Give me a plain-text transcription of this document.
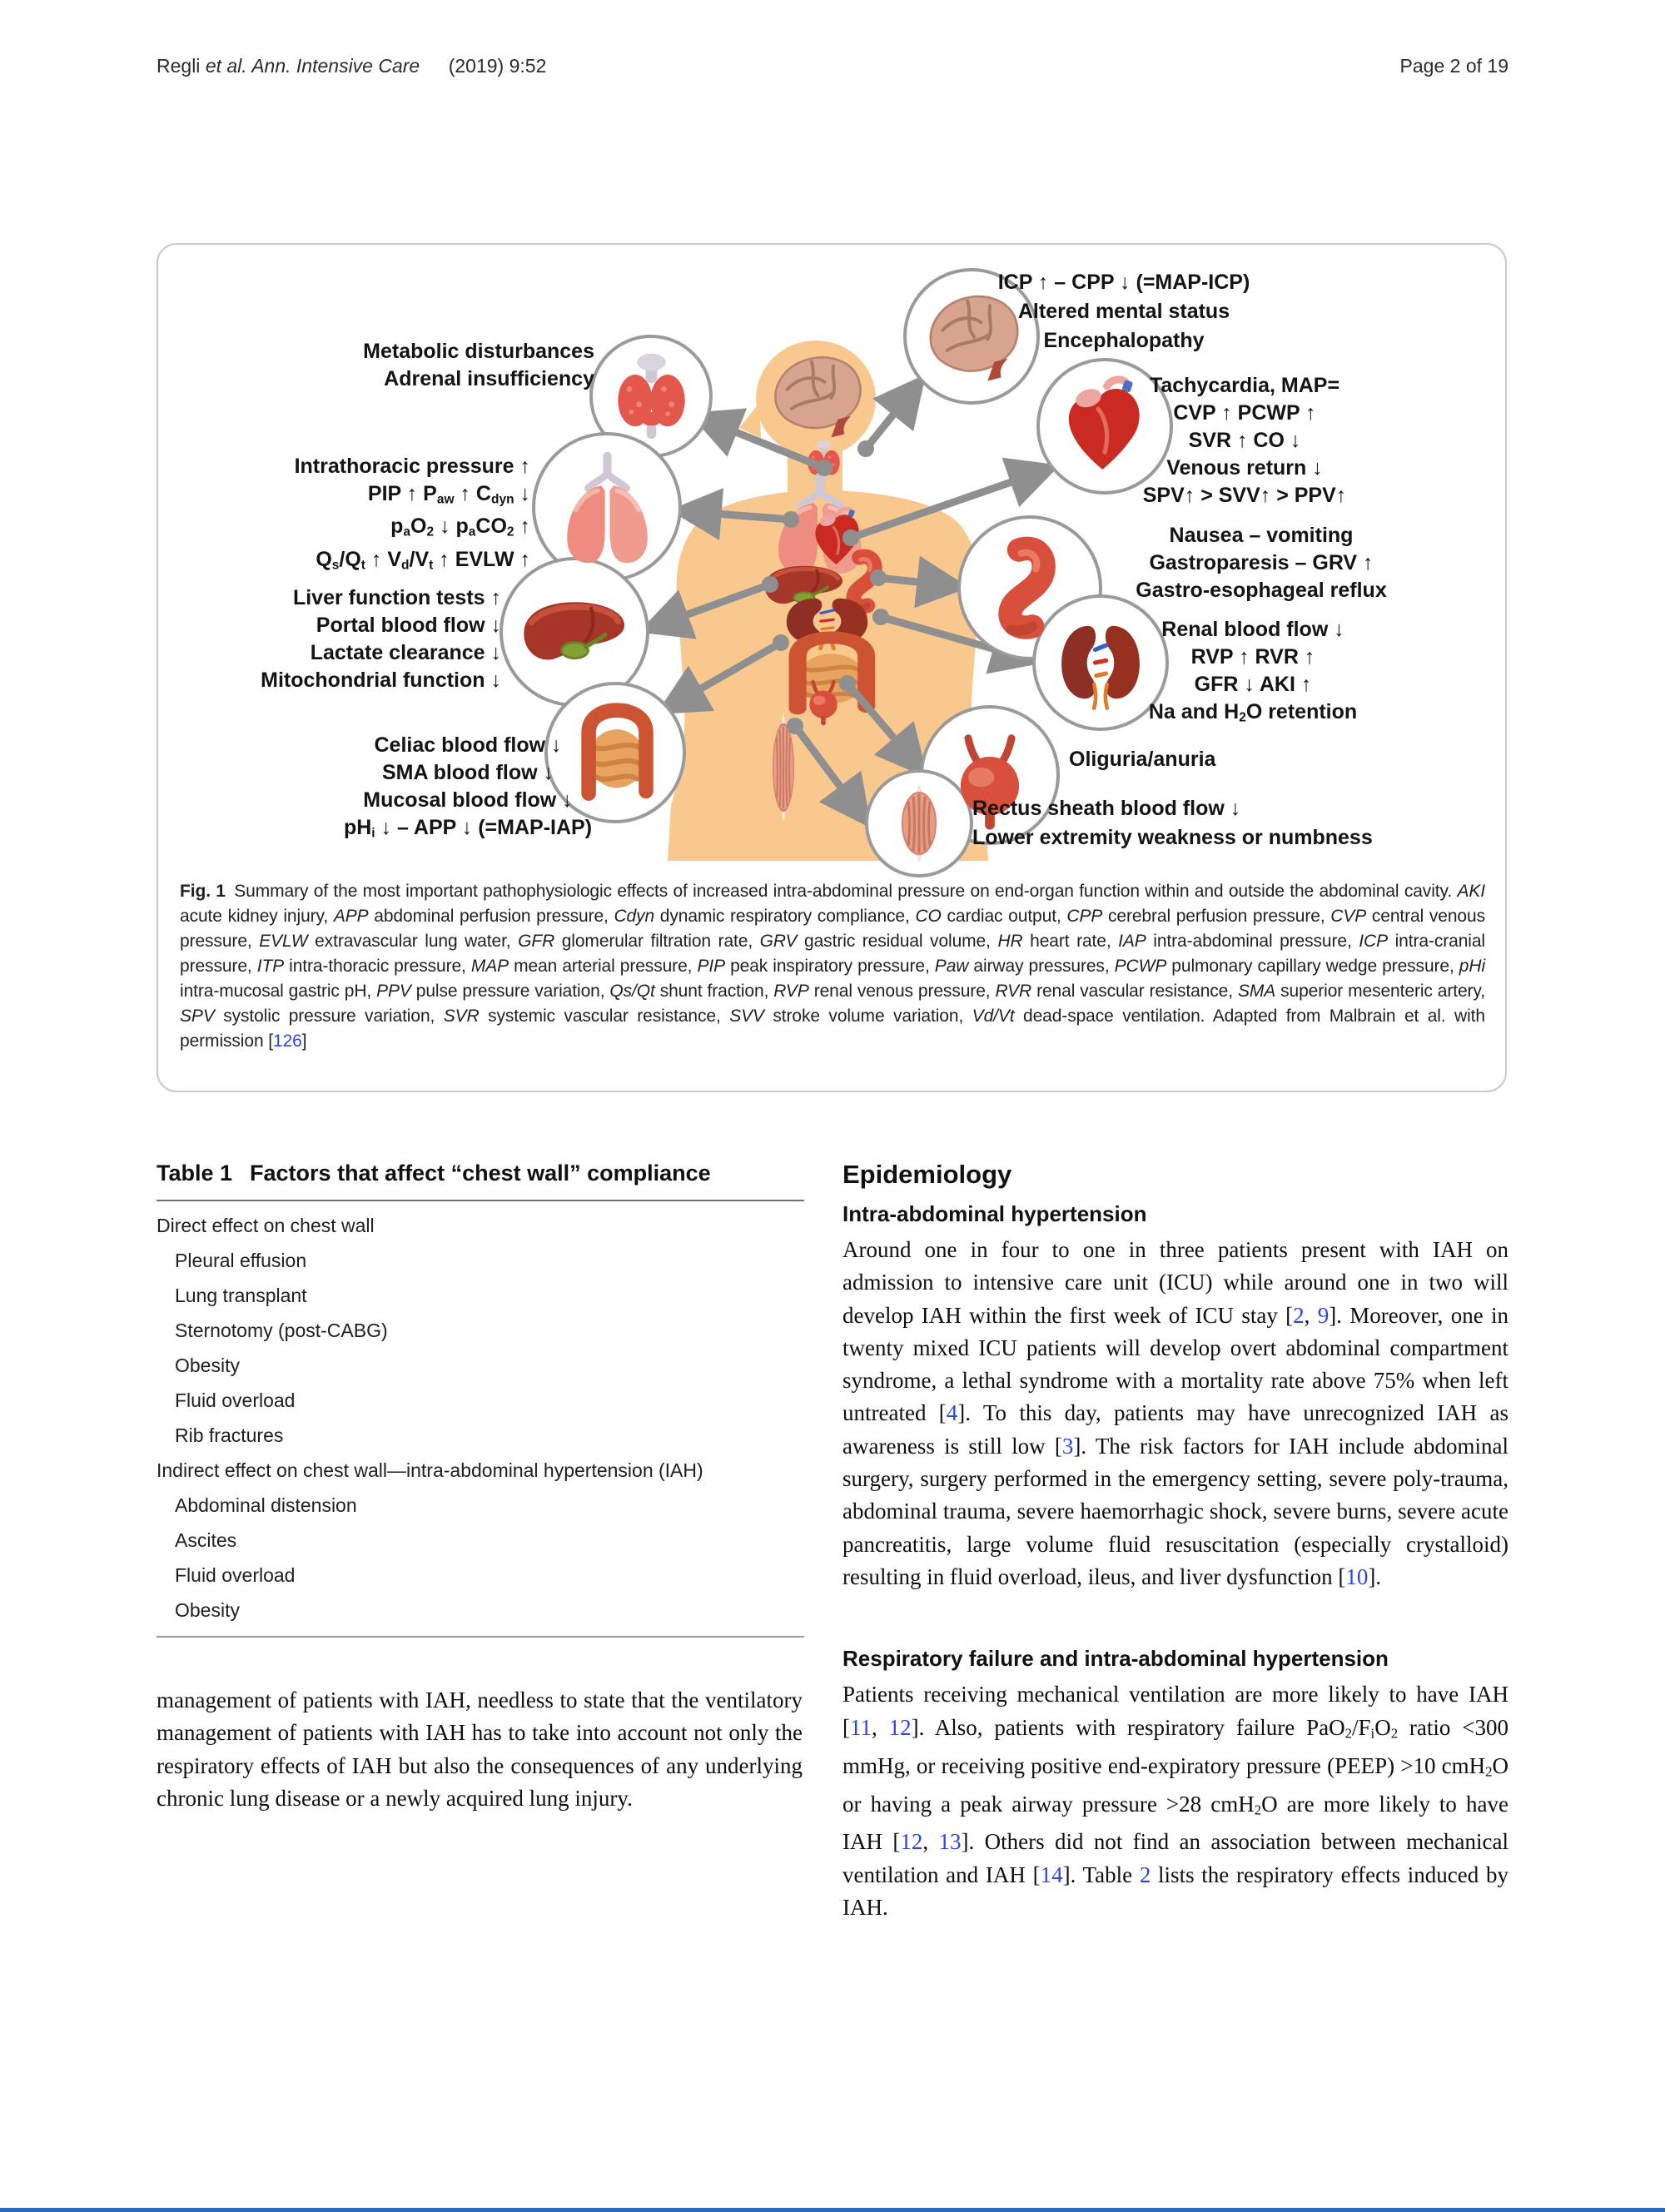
Regli et al. Ann. Intensive Care  (2019) 9:52	Page 2 of 19
ICP ↑ – CPP ↓ (=MAP-ICP)
Altered mental status
Encephalopathy
Metabolic disturbances
Adrenal insufficiency	Tachycardia, MAP=
CVP ↑ PCWP ↑
SVR ↑ CO ↓
Venous return ↓
SPV↑ > SVV↑ > PPV↑
Intrathoracic pressure ↑
PIP ↑ Paw ↑ Cdyn ↓
paO2 ↓ paCO2 ↑
Qs/Qt ↑ Vd/Vt ↑ EVLW ↑
Nausea – vomiting
Gastroparesis – GRV ↑
Gastro-esophageal reflux
Liver function tests ↑
Portal blood flow ↓
Lactate clearance ↓
Mitochondrial function ↓
Renal blood flow ↓
RVP ↑ RVR ↑
GFR ↓ AKI ↑
Na and H2O retention
Celiac blood flow ↓
SMA blood flow ↓
Mucosal blood flow ↓
pHi ↓ – APP ↓ (=MAP-IAP)
Oliguria/anuria
Rectus sheath blood flow ↓
Lower extremity weakness or numbness
Fig. 1 Summary of the most important pathophysiologic effects of increased intra-abdominal pressure on end-organ function within and outside the abdominal cavity. AKI acute kidney injury, APP abdominal perfusion pressure, Cdyn dynamic respiratory compliance, CO cardiac output, CPP cerebral perfusion pressure, CVP central venous pressure, EVLW extravascular lung water, GFR glomerular filtration rate, GRV gastric residual volume, HR heart rate, IAP intra-abdominal pressure, ICP intra-cranial pressure, ITP intra-thoracic pressure, MAP mean arterial pressure, PIP peak inspiratory pressure, Paw airway pressures, PCWP pulmonary capillary wedge pressure, pHi intra-mucosal gastric pH, PPV pulse pressure variation, Qs/Qt shunt fraction, RVP renal venous pressure, RVR renal vascular resistance, SMA superior mesenteric artery, SPV systolic pressure variation, SVR systemic vascular resistance, SVV stroke volume variation, Vd/Vt dead-space ventilation. Adapted from Malbrain et al. with permission [126]
Table 1  Factors that affect “chest wall” compliance
Direct effect on chest wall
Pleural effusion
Lung transplant
Sternotomy (post-CABG)
Obesity
Fluid overload
Rib fractures
Indirect effect on chest wall—intra-abdominal hypertension (IAH)
Abdominal distension
Ascites
Fluid overload
Obesity
management of patients with IAH, needless to state that the ventilatory management of patients with IAH has to take into account not only the respiratory effects of IAH but also the consequences of any underlying chronic lung disease or a newly acquired lung injury.
Epidemiology
Intra-abdominal hypertension

Around one in four to one in three patients present with IAH on admission to intensive care unit (ICU) while around one in two will develop IAH within the first week of ICU stay [2, 9]. Moreover, one in twenty mixed ICU patients will develop overt abdominal compartment syndrome, a lethal syndrome with a mortality rate above 75% when left untreated [4]. To this day, patients may have unrecognized IAH as awareness is still low [3]. The risk factors for IAH include abdominal surgery, surgery performed in the emergency setting, severe poly-trauma, abdominal trauma, severe haemorrhagic shock, severe burns, severe acute pancreatitis, large volume fluid resuscitation (especially crystalloid) resulting in fluid overload, ileus, and liver dysfunction [10].

Respiratory failure and intra-abdominal hypertension

Patients receiving mechanical ventilation are more likely to have IAH [11, 12]. Also, patients with respiratory failure PaO2/FiO2 ratio <300 mmHg, or receiving positive end-expiratory pressure (PEEP) >10 cmH2O or having a peak airway pressure >28 cmH2O are more likely to have IAH [12, 13]. Others did not find an association between mechanical ventilation and IAH [14]. Table 2 lists the respiratory effects induced by IAH.
